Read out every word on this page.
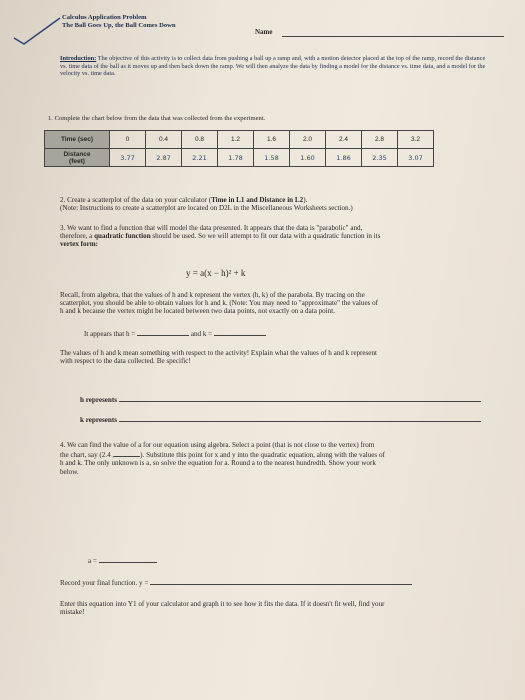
Calculus Application Problem
The Ball Goes Up, the Ball Comes Down
Name
Introduction: The objective of this activity is to collect data from pushing a ball up a ramp and, with a motion detector placed at the top of the ramp, record the distance vs. time data of the ball as it moves up and then back down the ramp. We will then analyze the data by finding a model for the distance vs. time data, and a model for the velocity vs. time data.
1. Complete the chart below from the data that was collected from the experiment.
Time (sec)	0	0.4	0.8	1.2	1.6	2.0	2.4	2.8	3.2

Distance
(feet)	3.77	2.87	2.21	1.78	1.58	1.60	1.86	2.35	3.07
2. Create a scatterplot of the data on your calculator (Time in L1 and Distance in L2).
(Note: Instructions to create a scatterplot are located on D2L in the Miscellaneous Worksheets section.)
3. We want to find a function that will model the data presented. It appears that the data is "parabolic" and,
therefore, a quadratic function should be used. So we will attempt to fit our data with a quadratic function in its
vertex form:
y = a(x − h)² + k
Recall, from algebra, that the values of h and k represent the vertex (h, k) of the parabola. By tracing on the
scatterplot, you should be able to obtain values for h and k. (Note: You may need to "approximate" the values of
h and k because the vertex might be located between two data points, not exactly on a data point.
It appears that h =	and k =
The values of h and k mean something with respect to the activity! Explain what the values of h and k represent
with respect to the data collected. Be specific!
h represents
k represents
4. We can find the value of a for our equation using algebra. Select a point (that is not close to the vertex) from
the chart, say (2.4 ,	). Substitute this point for x and y into the quadratic equation, along with the values of
h and k. The only unknown is a, so solve the equation for a. Round a to the nearest hundredth. Show your work
below.
a =
Record your final function. y =
Enter this equation into Y1 of your calculator and graph it to see how it fits the data. If it doesn't fit well, find your
mistake!
